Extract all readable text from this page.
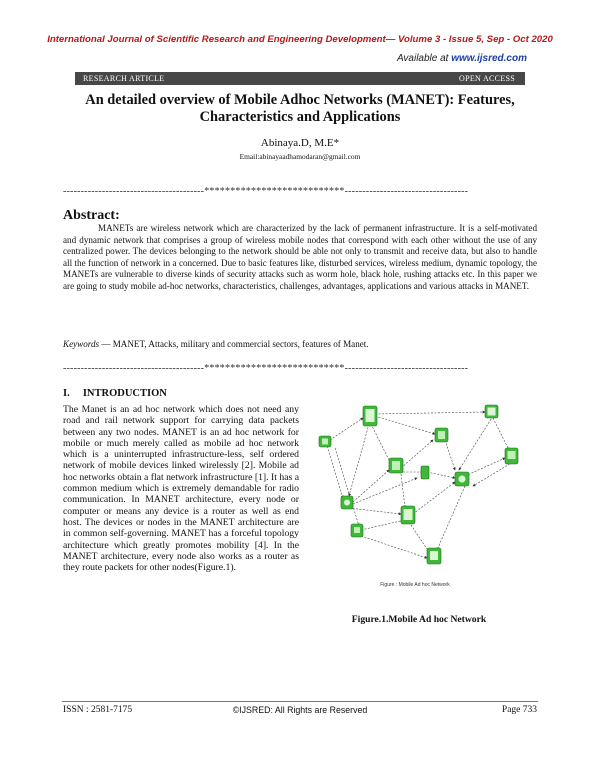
International Journal of Scientific Research and Engineering Development— Volume 3 - Issue 5, Sep - Oct 2020
Available at www.ijsred.com
RESEARCH ARTICLE	OPEN ACCESS
An detailed overview of Mobile Adhoc Networks (MANET): Features, Characteristics and Applications
Abinaya.D, M.E*
Email:abinayaadhamodaran@gmail.com
----------------------------------------***************************-----------------------------------
Abstract:
MANETs are wireless network which are characterized by the lack of permanent infrastructure. It is a self-motivated and dynamic network that comprises a group of wireless mobile nodes that correspond with each other without the use of any centralized power. The devices belonging to the network should be able not only to transmit and receive data, but also to handle all the function of network in a concerned. Due to basic features like, disturbed services, wireless medium, dynamic topology, the MANETs are vulnerable to diverse kinds of security attacks such as worm hole, black hole, rushing attacks etc. In this paper we are going to study mobile ad-hoc networks, characteristics, challenges, advantages, applications and various attacks in MANET.
Keywords — MANET, Attacks, military and commercial sectors, features of Manet.
----------------------------------------***************************-----------------------------------
I.     INTRODUCTION
The Manet is an ad hoc network which does not need any road and rail network support for carrying data packets between any two nodes. MANET is an ad hoc network for mobile or much merely called as mobile ad hoc network which is a uninterrupted infrastructure-less, self ordered network of mobile devices linked wirelessly [2]. Mobile ad hoc networks obtain a flat network infrastructure [1]. It has a common medium which is extremely demandable for radio communication. In MANET architecture, every node or computer or means any device is a router as well as end host. The devices or nodes in the MANET architecture are in common self-governing. MANET has a forceful topology architecture which greatly promotes mobility [4]. In the MANET architecture, every node also works as a router as they route packets for other nodes(Figure.1).
Figure : Mobile Ad hoc Network
Figure.1.Mobile Ad hoc Network
ISSN : 2581-7175	©IJSRED: All Rights are Reserved	Page 733
